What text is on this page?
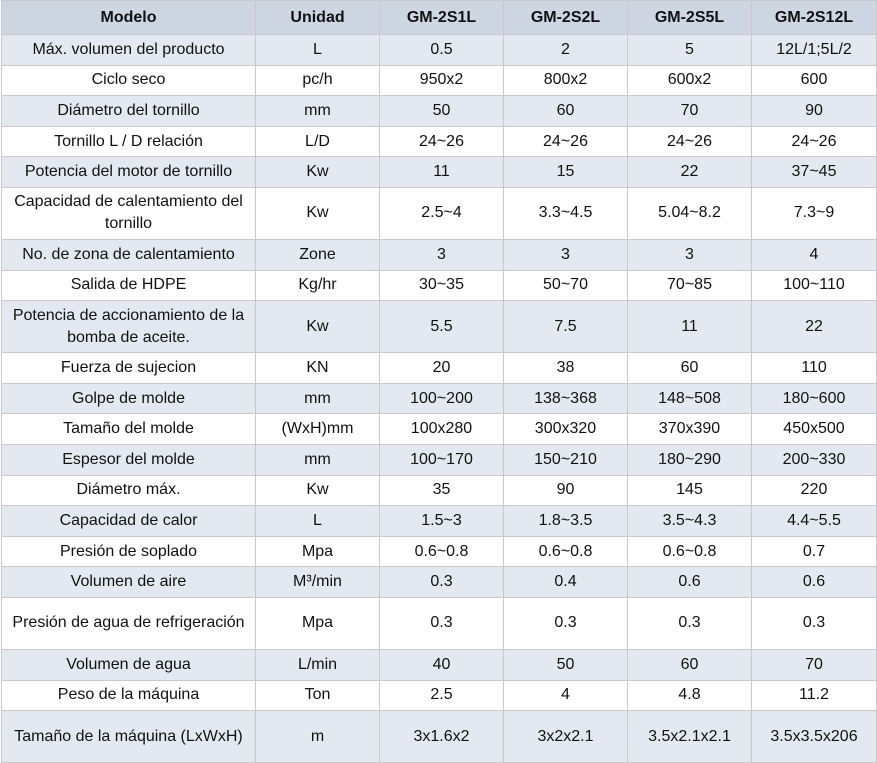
Modelo	Unidad	GM-2S1L	GM-2S2L	GM-2S5L	GM-2S12L
Máx. volumen del producto	L	0.5	2	5	12L/1;5L/2
Ciclo seco	pc/h	950x2	800x2	600x2	600
Diámetro del tornillo	mm	50	60	70	90
Tornillo L / D relación	L/D	24~26	24~26	24~26	24~26
Potencia del motor de tornillo	Kw	11	15	22	37~45
Capacidad de calentamiento del tornillo	Kw	2.5~4	3.3~4.5	5.04~8.2	7.3~9
No. de zona de calentamiento	Zone	3	3	3	4
Salida de HDPE	Kg/hr	30~35	50~70	70~85	100~110
Potencia de accionamiento de la bomba de aceite.	Kw	5.5	7.5	11	22
Fuerza de sujecion	KN	20	38	60	110
Golpe de molde	mm	100~200	138~368	148~508	180~600
Tamaño del molde	(WxH)mm	100x280	300x320	370x390	450x500
Espesor del molde	mm	100~170	150~210	180~290	200~330
Diámetro máx.	Kw	35	90	145	220
Capacidad de calor	L	1.5~3	1.8~3.5	3.5~4.3	4.4~5.5
Presión de soplado	Mpa	0.6~0.8	0.6~0.8	0.6~0.8	0.7
Volumen de aire	M³/min	0.3	0.4	0.6	0.6
Presión de agua de refrigeración	Mpa	0.3	0.3	0.3	0.3
Volumen de agua	L/min	40	50	60	70
Peso de la máquina	Ton	2.5	4	4.8	11.2
Tamaño de la máquina (LxWxH)	m	3x1.6x2	3x2x2.1	3.5x2.1x2.1	3.5x3.5x206
